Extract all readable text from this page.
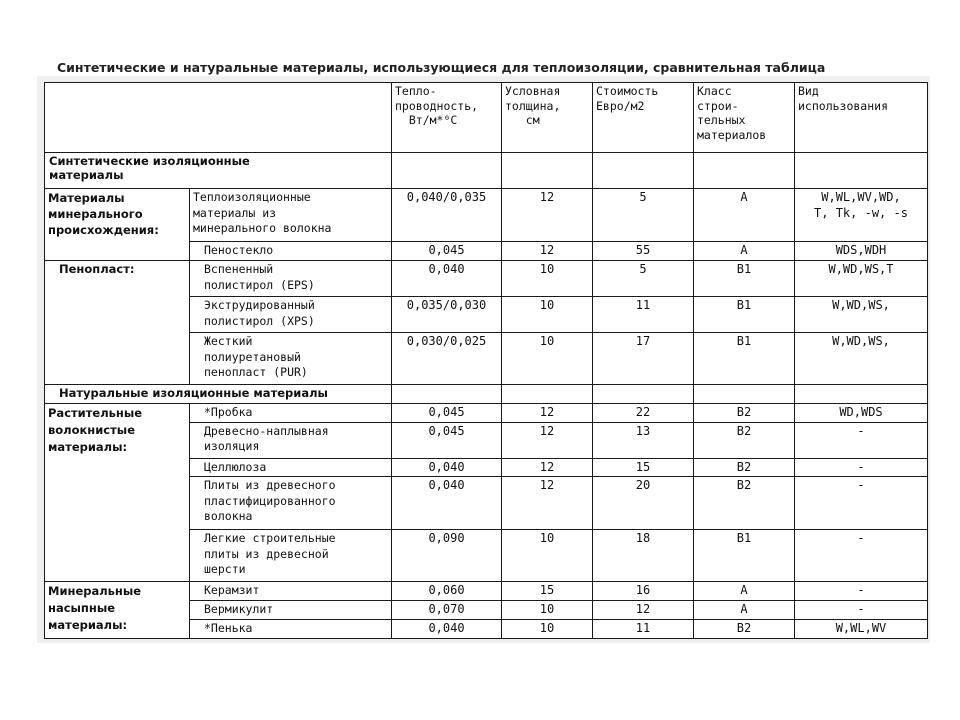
Синтетические и натуральные материалы, использующиеся для теплоизоляции, сравнительная таблица
		Тепло-
проводность,
Вт/м*⁰С	Условная
толщина,
см	Стоимость
Евро/м2	Класс
строи-
тельных
материалов	Вид
использования
Синтетические изоляционные
материалы						
Материалы
минерального
происхождения:	Теплоизоляционные
материалы из
минерального волокна	0,040/0,035	12	5	A	W,WL,WV,WD,
T, Tk, -w, -s
	Пеностекло	0,045	12	55	A	WDS,WDH
Пенопласт:	Вспененный
полистирол (EPS)	0,040	10	5	B1	W,WD,WS,T
	Экструдированный
полистирол (XPS)	0,035/0,030	10	11	B1	W,WD,WS,
	Жесткий
полиуретановый
пенопласт (PUR)	0,030/0,025	10	17	B1	W,WD,WS,
Натуральные изоляционные материалы						
Растительные
волокнистые
материалы:	*Пробка	0,045	12	22	B2	WD,WDS
	Древесно-наплывная
изоляция	0,045	12	13	B2	-
	Целлюлоза	0,040	12	15	B2	-
	Плиты из древесного
пластифицированного
волокна	0,040	12	20	B2	-
	Легкие строительные
плиты из древесной
шерсти	0,090	10	18	B1	-
Минеральные
насыпные
материалы:	Керамзит	0,060	15	16	A	-
	Вермикулит	0,070	10	12	A	-
	*Пенька	0,040	10	11	B2	W,WL,WV
